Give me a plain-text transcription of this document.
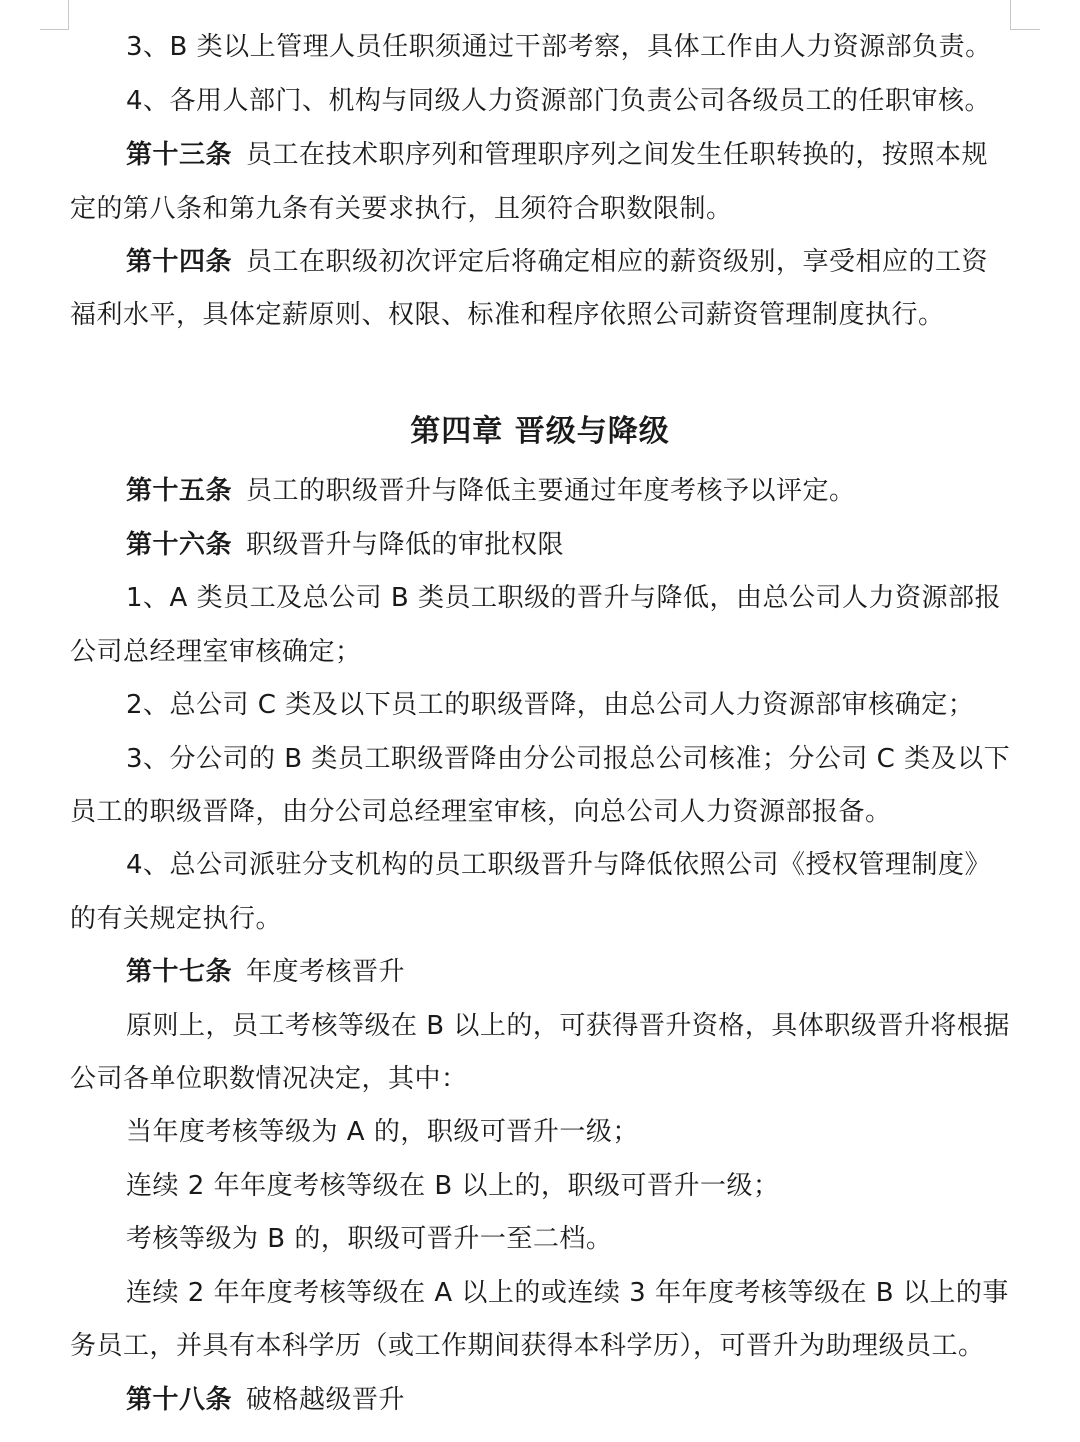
3、B 类以上管理人员任职须通过干部考察，具体工作由人力资源部负责。
4、各用人部门、机构与同级人力资源部门负责公司各级员工的任职审核。
第十三条 员工在技术职序列和管理职序列之间发生任职转换的，按照本规
定的第八条和第九条有关要求执行，且须符合职数限制。
第十四条 员工在职级初次评定后将确定相应的薪资级别，享受相应的工资
福利水平，具体定薪原则、权限、标准和程序依照公司薪资管理制度执行。
第四章 晋级与降级
第十五条 员工的职级晋升与降低主要通过年度考核予以评定。
第十六条 职级晋升与降低的审批权限
1、A 类员工及总公司 B 类员工职级的晋升与降低，由总公司人力资源部报
公司总经理室审核确定；
2、总公司 C 类及以下员工的职级晋降，由总公司人力资源部审核确定；
3、分公司的 B 类员工职级晋降由分公司报总公司核准；分公司 C 类及以下
员工的职级晋降，由分公司总经理室审核，向总公司人力资源部报备。
4、总公司派驻分支机构的员工职级晋升与降低依照公司《授权管理制度》
的有关规定执行。
第十七条 年度考核晋升
原则上，员工考核等级在 B 以上的，可获得晋升资格，具体职级晋升将根据
公司各单位职数情况决定，其中：
当年度考核等级为 A 的，职级可晋升一级；
连续 2 年年度考核等级在 B 以上的，职级可晋升一级；
考核等级为 B 的，职级可晋升一至二档。
连续 2 年年度考核等级在 A 以上的或连续 3 年年度考核等级在 B 以上的事
务员工，并具有本科学历（或工作期间获得本科学历），可晋升为助理级员工。
第十八条 破格越级晋升
